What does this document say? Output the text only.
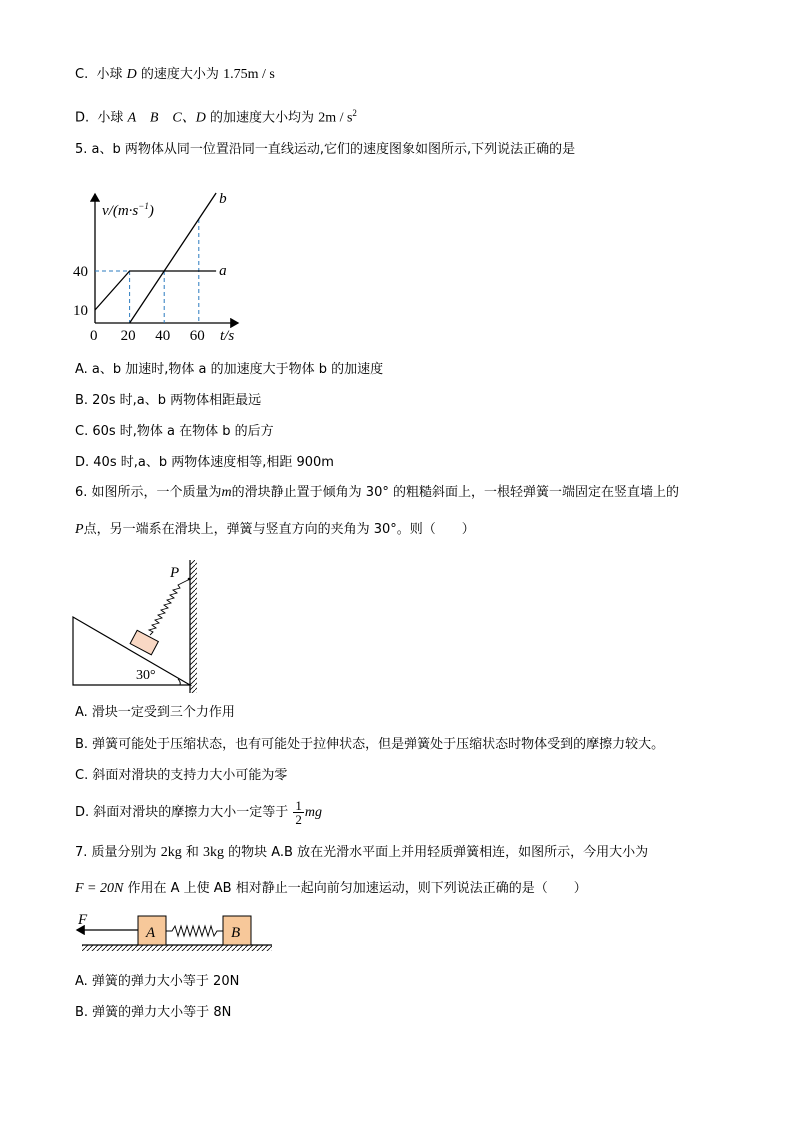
C. 小球 D 的速度大小为 1.75m / s
D. 小球 A　B　C、D 的加速度大小均为 $2m / s^2$
5. a、b 两物体从同一位置沿同一直线运动,它们的速度图象如图所示,下列说法正确的是
$v/(m\cdot s^{-1})$
t/s
0 20 40 60
10
40	a
b
A. a、b 加速时,物体 a 的加速度大于物体 b 的加速度
B. 20s 时,a、b 两物体相距最远
C. 60s 时,物体 a 在物体 b 的后方
D. 40s 时,a、b 两物体速度相等,相距 900m
6. 如图所示，一个质量为m的滑块静止置于倾角为 30° 的粗糙斜面上，一根轻弹簧一端固定在竖直墙上的
P点，另一端系在滑块上，弹簧与竖直方向的夹角为 30°。则（　　）
30°
P
A. 滑块一定受到三个力作用
B. 弹簧可能处于压缩状态，也有可能处于拉伸状态，但是弹簧处于压缩状态时物体受到的摩擦力较大。
C. 斜面对滑块的支持力大小可能为零
D. 斜面对滑块的摩擦力大小一定等于 $\frac{1}{2}$ mg
7. 质量分别为 2kg 和 3kg 的物块 A.B 放在光滑水平面上并用轻质弹簧相连，如图所示，今用大小为
F = 20N 作用在 A 上使 AB 相对静止一起向前匀加速运动，则下列说法正确的是（　　）
A	B
F
A. 弹簧的弹力大小等于 20N
B. 弹簧的弹力大小等于 8N
